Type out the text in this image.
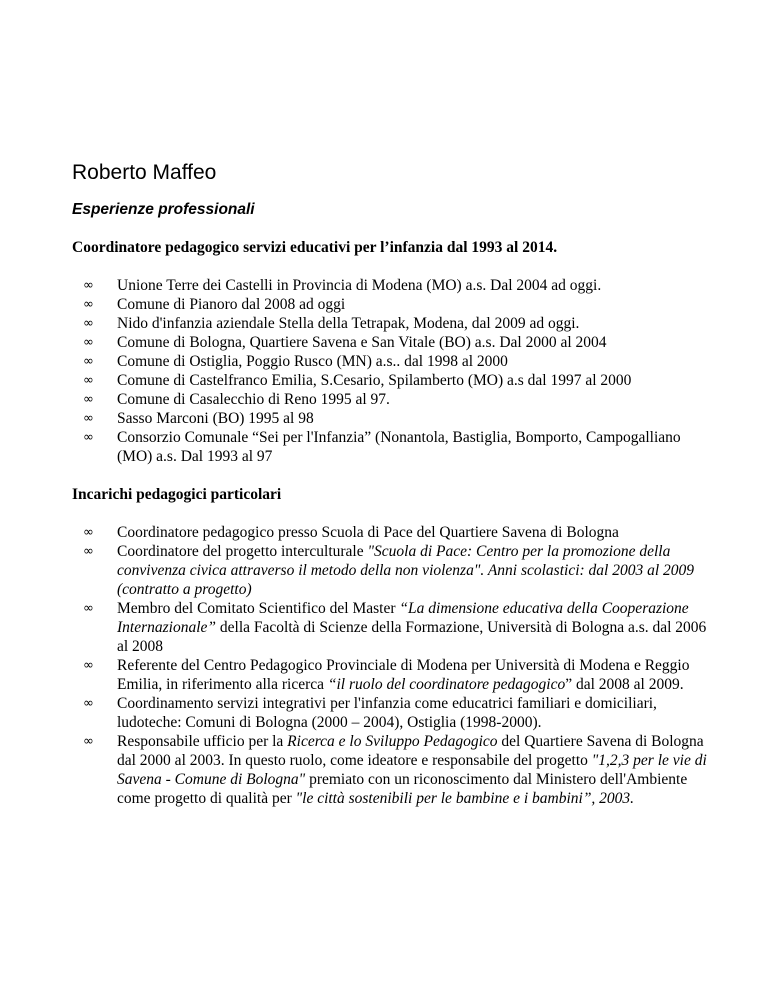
Roberto Maffeo
Esperienze professionali
Coordinatore pedagogico servizi educativi per l’infanzia dal 1993 al 2014.
∞	Unione Terre dei Castelli in Provincia di Modena (MO) a.s. Dal 2004 ad oggi.
∞	Comune di Pianoro dal 2008 ad oggi
∞	Nido d'infanzia aziendale Stella della Tetrapak, Modena, dal 2009 ad oggi.
∞	Comune di Bologna, Quartiere Savena e San Vitale (BO) a.s. Dal 2000 al 2004
∞	Comune di Ostiglia, Poggio Rusco (MN) a.s.. dal 1998 al 2000
∞	Comune di Castelfranco Emilia, S.Cesario, Spilamberto (MO) a.s dal 1997 al 2000
∞	Comune di Casalecchio di Reno 1995 al 97.
∞	Sasso Marconi (BO) 1995 al 98
∞	Consorzio Comunale “Sei per l'Infanzia” (Nonantola, Bastiglia, Bomporto, Campogalliano (MO) a.s. Dal 1993 al 97
Incarichi pedagogici particolari
∞	Coordinatore pedagogico presso Scuola di Pace del Quartiere Savena di Bologna
∞	Coordinatore del progetto interculturale "Scuola di Pace: Centro per la promozione della convivenza civica attraverso il metodo della non violenza". Anni scolastici: dal 2003 al 2009 (contratto a progetto)
∞	Membro del Comitato Scientifico del Master “La dimensione educativa della Cooperazione Internazionale” della Facoltà di Scienze della Formazione, Università di Bologna a.s. dal 2006 al 2008
∞	Referente del Centro Pedagogico Provinciale di Modena per Università di Modena e Reggio Emilia, in riferimento alla ricerca “il ruolo del coordinatore pedagogico” dal 2008 al 2009.
∞	Coordinamento servizi integrativi per l'infanzia come educatrici familiari e domiciliari, ludoteche: Comuni di Bologna (2000 – 2004), Ostiglia (1998-2000).
∞	Responsabile ufficio per la Ricerca e lo Sviluppo Pedagogico del Quartiere Savena di Bologna dal 2000 al 2003. In questo ruolo, come ideatore e responsabile del progetto "1,2,3 per le vie di Savena - Comune di Bologna" premiato con un riconoscimento dal Ministero dell'Ambiente come progetto di qualità per "le città sostenibili per le bambine e i bambini”, 2003.
